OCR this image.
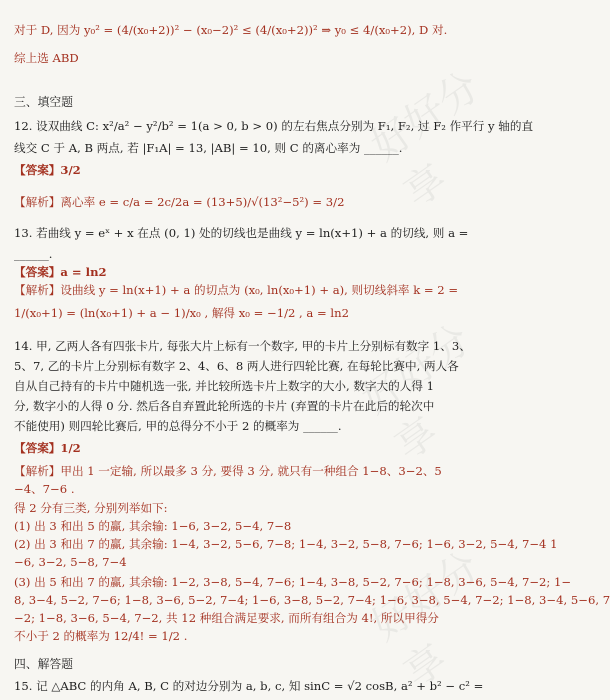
好好分享
好好分享
好好分享
对于 D, 因为 y₀² = (4/(x₀+2))² − (x₀−2)² ≤ (4/(x₀+2))² ⇒ y₀ ≤ 4/(x₀+2), D 对.
综上选 ABD
三、填空题
12. 设双曲线 C: x²/a² − y²/b² = 1(a > 0, b > 0) 的左右焦点分别为 F₁, F₂, 过 F₂ 作平行 y 轴的直
线交 C 于 A, B 两点, 若 |F₁A| = 13, |AB| = 10, 则 C 的离心率为 ______.
【答案】3/2
【解析】离心率 e = c/a = 2c/2a = (13+5)/√(13²−5²) = 3/2
13. 若曲线 y = eˣ + x 在点 (0, 1) 处的切线也是曲线 y = ln(x+1) + a 的切线, 则 a =
______.
【答案】a = ln2
【解析】设曲线 y = ln(x+1) + a 的切点为 (x₀, ln(x₀+1) + a), 则切线斜率 k = 2 =
1/(x₀+1) = (ln(x₀+1) + a − 1)/x₀ , 解得 x₀ = −1/2 , a = ln2
14. 甲, 乙两人各有四张卡片, 每张大片上标有一个数字, 甲的卡片上分别标有数字 1、3、
5、7, 乙的卡片上分别标有数字 2、4、6、8 两人进行四轮比赛, 在每轮比赛中, 两人各
自从自己持有的卡片中随机选一张, 并比较所选卡片上数字的大小, 数字大的人得 1
分, 数字小的人得 0 分. 然后各自弃置此轮所选的卡片 (弃置的卡片在此后的轮次中
不能使用) 则四轮比赛后, 甲的总得分不小于 2 的概率为 ______.
【答案】1/2
【解析】甲出 1 一定输, 所以最多 3 分, 要得 3 分, 就只有一种组合 1−8、3−2、5
−4、7−6 .
得 2 分有三类, 分别列举如下:
(1) 出 3 和出 5 的赢, 其余输: 1−6, 3−2, 5−4, 7−8
(2) 出 3 和出 7 的赢, 其余输: 1−4, 3−2, 5−6, 7−8; 1−4, 3−2, 5−8, 7−6; 1−6, 3−2, 5−4, 7−4 1
−6, 3−2, 5−8, 7−4
(3) 出 5 和出 7 的赢, 其余输: 1−2, 3−8, 5−4, 7−6; 1−4, 3−8, 5−2, 7−6; 1−8, 3−6, 5−4, 7−2; 1−
8, 3−4, 5−2, 7−6; 1−8, 3−6, 5−2, 7−4; 1−6, 3−8, 5−2, 7−4; 1−6, 3−8, 5−4, 7−2; 1−8, 3−4, 5−6, 7
−2; 1−8, 3−6, 5−4, 7−2, 共 12 种组合满足要求, 而所有组合为 4!, 所以甲得分
不小于 2 的概率为 12/4! = 1/2 .
四、解答题
15. 记 △ABC 的内角 A, B, C 的对边分别为 a, b, c, 知 sinC = √2 cosB, a² + b² − c² =
